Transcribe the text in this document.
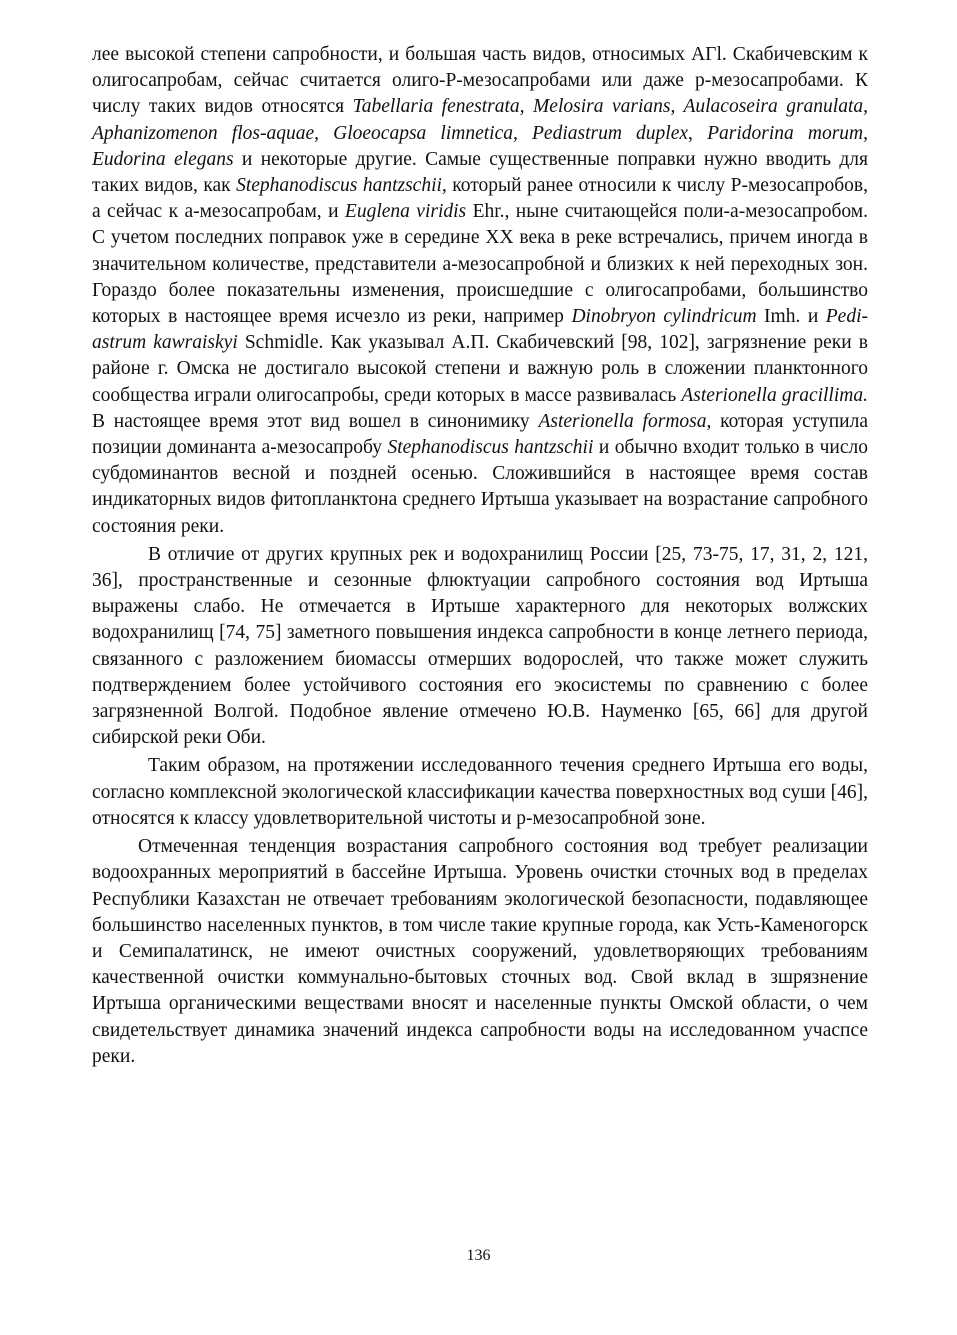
лее высокой степени сапробности, и большая часть видов, относимых АГl. Скабичевским к олигосапробам, сейчас считается олиго-Р-мезосапробами или даже р-мезосапробами. К числу таких видов относятся Tabellaria fenestrata, Melosira varians, Aulacoseira granulata, Aphanizomenon flos-aquae, Gloeocapsa limnetica, Pediastrum duplex, Paridorina morum, Eudorina elegans и некоторые другие. Самые существенные поправки нужно вводить для таких видов, как Stephanodiscus hantzschii, который ранее относили к числу Р-мезосапробов, а сейчас к а-мезосапробам, и Euglena viridis Ehr., ныне считающейся поли-а-мезосапробом. С учетом последних поправок уже в середине XX века в реке встречались, причем иногда в значительном количестве, представители а-мезосапробной и близких к ней переходных зон. Гораздо более показательны изменения, происшедшие с олигосапробами, большинство которых в настоящее время исчезло из реки, например Dinobryon cylindricum Imh. и Pediastrum kawraiskyi Schmidle. Как указывал А.П. Скабичевский [98, 102], загрязнение реки в районе г. Омска не достигало высокой степени и важную роль в сложении планктонного сообщества играли олигосапробы, среди которых в массе развивалась Asterionella gracillima. В настоящее время этот вид вошел в синонимику Asterionella formosa, которая уступила позиции доминанта а-мезосапробу Stephanodiscus hantzschii и обычно входит только в число субдоминантов весной и поздней осенью. Сложившийся в настоящее время состав индикаторных видов фитопланктона среднего Иртыша указывает на возрастание сапробного состояния реки.

В отличие от других крупных рек и водохранилищ России [25, 73-75, 17, 31, 2, 121, 36], пространственные и сезонные флюктуации сапробного состояния вод Иртыша выражены слабо. Не отмечается в Иртыше характерного для некоторых волжских водохранилищ [74, 75] заметного повышения индекса сапробности в конце летнего периода, связанного с разложением биомассы отмерших водорослей, что также может служить подтверждением более устойчивого состояния его экосистемы по сравнению с более загрязненной Волгой. Подобное явление отмечено Ю.В. Науменко [65, 66] для другой сибирской реки Оби.

Таким образом, на протяжении исследованного течения среднего Иртыша его воды, согласно комплексной экологической классификации качества поверхностных вод суши [46], относятся к классу удовлетворительной чистоты и р-мезосапробной зоне.

Отмеченная тенденция возрастания сапробного состояния вод требует реализации водоохранных мероприятий в бассейне Иртыша. Уровень очистки сточных вод в пределах Республики Казахстан не отвечает требованиям экологической безопасности, подавляющее большинство населенных пунктов, в том числе такие крупные города, как Усть-Каменогорск и Семипалатинск, не имеют очистных сооружений, удовлетворяющих требованиям качественной очистки коммунально-бытовых сточных вод. Свой вклад в зшрязнение Иртыша органическими веществами вносят и населенные пункты Омской области, о чем свидетельствует динамика значений индекса сапробности воды на исследованном учаспсе реки.

136
